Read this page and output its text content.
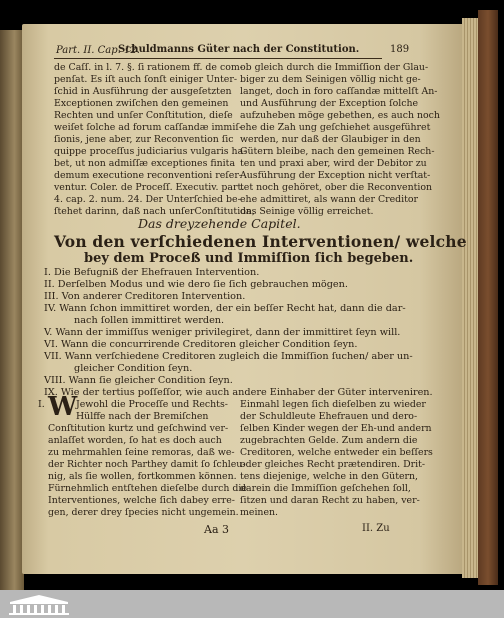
Part. II. Cap. 12.
Schuldmanns Güter nach der Constitution.	189
de Caſſ. in l. 7. §. ſi rationem ff. de com-
penſat. Es iſt auch ſonſt einiger Unter-
ſchid in Ausführung der ausgeſetzten
Exceptionen zwiſchen den gemeinen
Rechten und unſer Conſtitution, dieſe
weiſet ſolche ad forum caſſandæ immiſ-
ſionis, jene aber, zur Reconvention ſic
quippe proceſſus judiciarius vulgaris ha-
bet, ut non admiſſæ exceptiones finita
demum executione reconventioni reſer-
ventur. Coler. de Proceſſ. Executiv. part.
4. cap. 2. num. 24. Der Unterſchied be-
ſtehet darinn, daß nach unſerConſtitution,
ob gleich durch die Immiſſion der Glau-
biger zu dem Seinigen völlig nicht ge-
langet, doch in foro caſſandæ mittelſt An-
und Ausführung der Exception ſolche
aufzuheben möge gebethen, es auch noch
ehe die Zah ung geſchiehet ausgeführet
werden, nur daß der Glaubiger in den
Gütern bleibe, nach den gemeinen Rech-
ten und praxi aber, wird der Debitor zu
Ausführung der Exception nicht verſtat-
tet noch gehöret, ober die Reconvention
ehe admittiret, als wann der Creditor
das Seinige völlig erreichet.
Das dreyzehende Capitel.
Von den verſchiedenen Interventionen/ welche
bey dem Proceß und Immiſſion ſich begeben.
I. Die Befugniß der Ehefrauen Intervention.
II. Derſelben Modus und wie dero ſie ſich gebrauchen mögen.
III. Von anderer Creditoren Intervention.
IV. Wann ſchon immittiret worden, der ein beſſer Recht hat, dann die dar-
nach ſollen immittiret werden.
V. Wann der immiſſus weniger privilegiret, dann der immittiret ſeyn will.
VI. Wann die concurrirende Creditoren gleicher Condition ſeyn.
VII. Wann verſchiedene Creditoren zugleich die Immiſſion ſuchen/ aber un-
gleicher Condition ſeyn.
VIII. Wann ſie gleicher Condition ſeyn.
IX. Wie der tertius poſſeſſor, wie auch andere Einhaber der Güter interveniren.
W
I.	Jewohl die Proceſſe und Rechts-
Hülffe nach der Bremiſchen
Conſtitution kurtz und geſchwind ver-
anlaſſet worden, ſo hat es doch auch
zu mehrmahlen ſeine remoras, daß we-
der Richter noch Parthey damit ſo ſchleu-
nig, als ſie wollen, fortkommen können.
Fürnehmlich entſtehen dieſelbe durch die
Interventiones, welche ſich dabey erre-
gen, derer drey ſpecies nicht ungemein.
Einmahl legen ſich dieſelben zu wieder
der Schuldleute Ehefrauen und dero-
ſelben Kinder wegen der Eh-und andern
zugebrachten Gelde. Zum andern die
Creditoren, welche entweder ein beſſers
oder gleiches Recht prætendiren. Drit-
tens diejenige, welche in den Gütern,
darein die Immiſſion geſchehen ſoll,
ſitzen und daran Recht zu haben, ver-
meinen.
Aa 3	II. Zu
